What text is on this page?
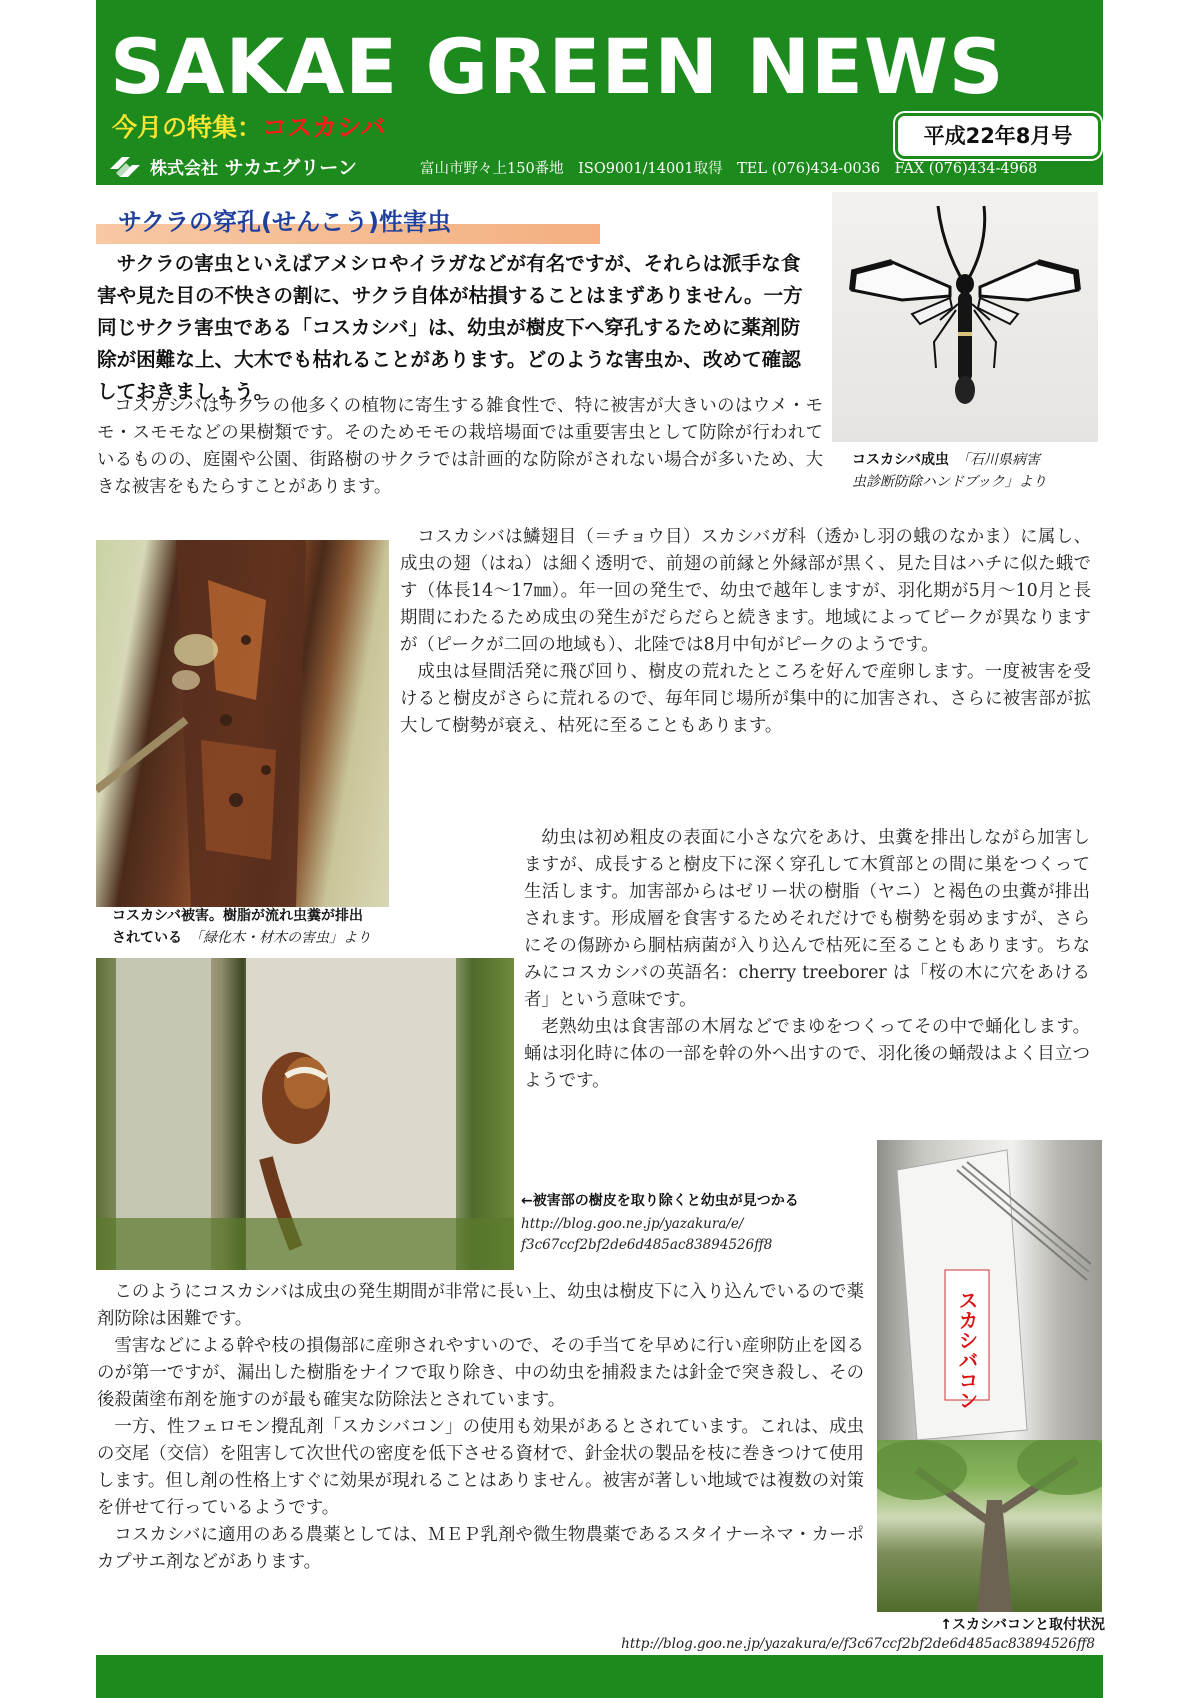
SAKAE GREEN NEWS
今月の特集：コスカシバ	平成22年8月号
株式会社 サカエグリーン	富山市野々上150番地　ISO9001/14001取得　TEL (076)434-0036　FAX (076)434-4968
サクラの穿孔(せんこう)性害虫

サクラの害虫といえばアメシロやイラガなどが有名ですが、それらは派手な食害や見た目の不快さの割に、サクラ自体が枯損することはまずありません。一方同じサクラ害虫である「コスカシバ」は、幼虫が樹皮下へ穿孔するために薬剤防除が困難な上、大木でも枯れることがあります。どのような害虫か、改めて確認しておきましょう。

コスカシバはサクラの他多くの植物に寄生する雑食性で、特に被害が大きいのはウメ・モモ・スモモなどの果樹類です。そのためモモの栽培場面では重要害虫として防除が行われているものの、庭園や公園、街路樹のサクラでは計画的な防除がされない場合が多いため、大きな被害をもたらすことがあります。

コスカシバ成虫　 「石川県病害
虫診断防除ハンドブック」より

コスカシバは鱗翅目（＝チョウ目）スカシバガ科（透かし羽の蛾のなかま）に属し、成虫の翅（はね）は細く透明で、前翅の前縁と外縁部が黒く、見た目はハチに似た蛾です（体長14～17㎜）。年一回の発生で、幼虫で越年しますが、羽化期が5月～10月と長期間にわたるため成虫の発生がだらだらと続きます。地域によってピークが異なりますが（ピークが二回の地域も）、北陸では8月中旬がピークのようです。

成虫は昼間活発に飛び回り、樹皮の荒れたところを好んで産卵します。一度被害を受けると樹皮がさらに荒れるので、毎年同じ場所が集中的に加害され、さらに被害部が拡大して樹勢が衰え、枯死に至ることもあります。

コスカシバ被害。樹脂が流れ虫糞が排出
されている　 「緑化木・材木の害虫」より

幼虫は初め粗皮の表面に小さな穴をあけ、虫糞を排出しながら加害しますが、成長すると樹皮下に深く穿孔して木質部との間に巣をつくって生活します。加害部からはゼリー状の樹脂（ヤニ）と褐色の虫糞が排出されます。形成層を食害するためそれだけでも樹勢を弱めますが、さらにその傷跡から胴枯病菌が入り込んで枯死に至ることもあります。ちなみにコスカシバの英語名：cherry treeborer は「桜の木に穴をあける者」という意味です。

老熟幼虫は食害部の木屑などでまゆをつくってその中で蛹化します。蛹は羽化時に体の一部を幹の外へ出すので、羽化後の蛹殻はよく目立つようです。

←被害部の樹皮を取り除くと幼虫が見つかる
http://blog.goo.ne.jp/yazakura/e/
f3c67ccf2bf2de6d485ac83894526ff8
スカシバコン
↑スカシバコンと取付状況

このようにコスカシバは成虫の発生期間が非常に長い上、幼虫は樹皮下に入り込んでいるので薬剤防除は困難です。

雪害などによる幹や枝の損傷部に産卵されやすいので、その手当てを早めに行い産卵防止を図るのが第一ですが、漏出した樹脂をナイフで取り除き、中の幼虫を捕殺または針金で突き殺し、その後殺菌塗布剤を施すのが最も確実な防除法とされています。

一方、性フェロモン攪乱剤「スカシバコン」の使用も効果があるとされています。これは、成虫の交尾（交信）を阻害して次世代の密度を低下させる資材で、針金状の製品を枝に巻きつけて使用します。但し剤の性格上すぐに効果が現れることはありません。被害が著しい地域では複数の対策を併せて行っているようです。

コスカシバに適用のある農薬としては、ＭＥＰ乳剤や微生物農薬であるスタイナーネマ・カーポカプサエ剤などがあります。

http://blog.goo.ne.jp/yazakura/e/f3c67ccf2bf2de6d485ac83894526ff8
